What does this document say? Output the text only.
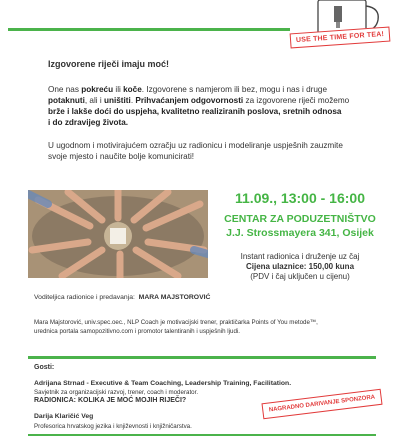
USE THE TIME FOR TEA!
Izgovorene riječi imaju moć!
One nas pokreću ili koče. Izgovorene s namjerom ili bez, mogu i nas i druge
potaknuti, ali i uništiti. Prihvaćanjem odgovornosti za izgovorene riječi možemo
brže i lakše doći do uspjeha, kvalitetno realiziranih poslova, sretnih odnosa
i do zdravijeg života.
U ugodnom i motivirajućem ozračju uz radionicu i modeliranje uspješnih zauzmite
svoje mjesto i naučite bolje komunicirati!
11.09., 13:00 - 16:00
CENTAR ZA PODUZETNIŠTVO
J.J. Strossmayera 341, Osijek
Instant radionica i druženje uz čaj
Cijena ulaznice: 150,00 kuna
(PDV i čaj uključen u cijenu)
Voditeljica radionice i predavanja: MARA MAJSTOROVIĆ
Mara Majstorović, univ.spec.oec., NLP Coach je motivacijski trener, praktičarka Points of You metode™,
urednica portala samopozitivno.com i promotor talentiranih i uspješnih ljudi.
Gosti:
Adrijana Strnad - Executive & Team Coaching, Leadership Training, Facilitation.
Savjetnik za organizacijski razvoj, trener, coach i moderator.
RADIONICA: KOLIKA JE MOĆ MOJIH RIJEČI?
Darija Klaričić Veg
Profesorica hrvatskog jezika i književnosti i knjižničarstva.
NAGRADNO DARIVANJE SPONZORA
